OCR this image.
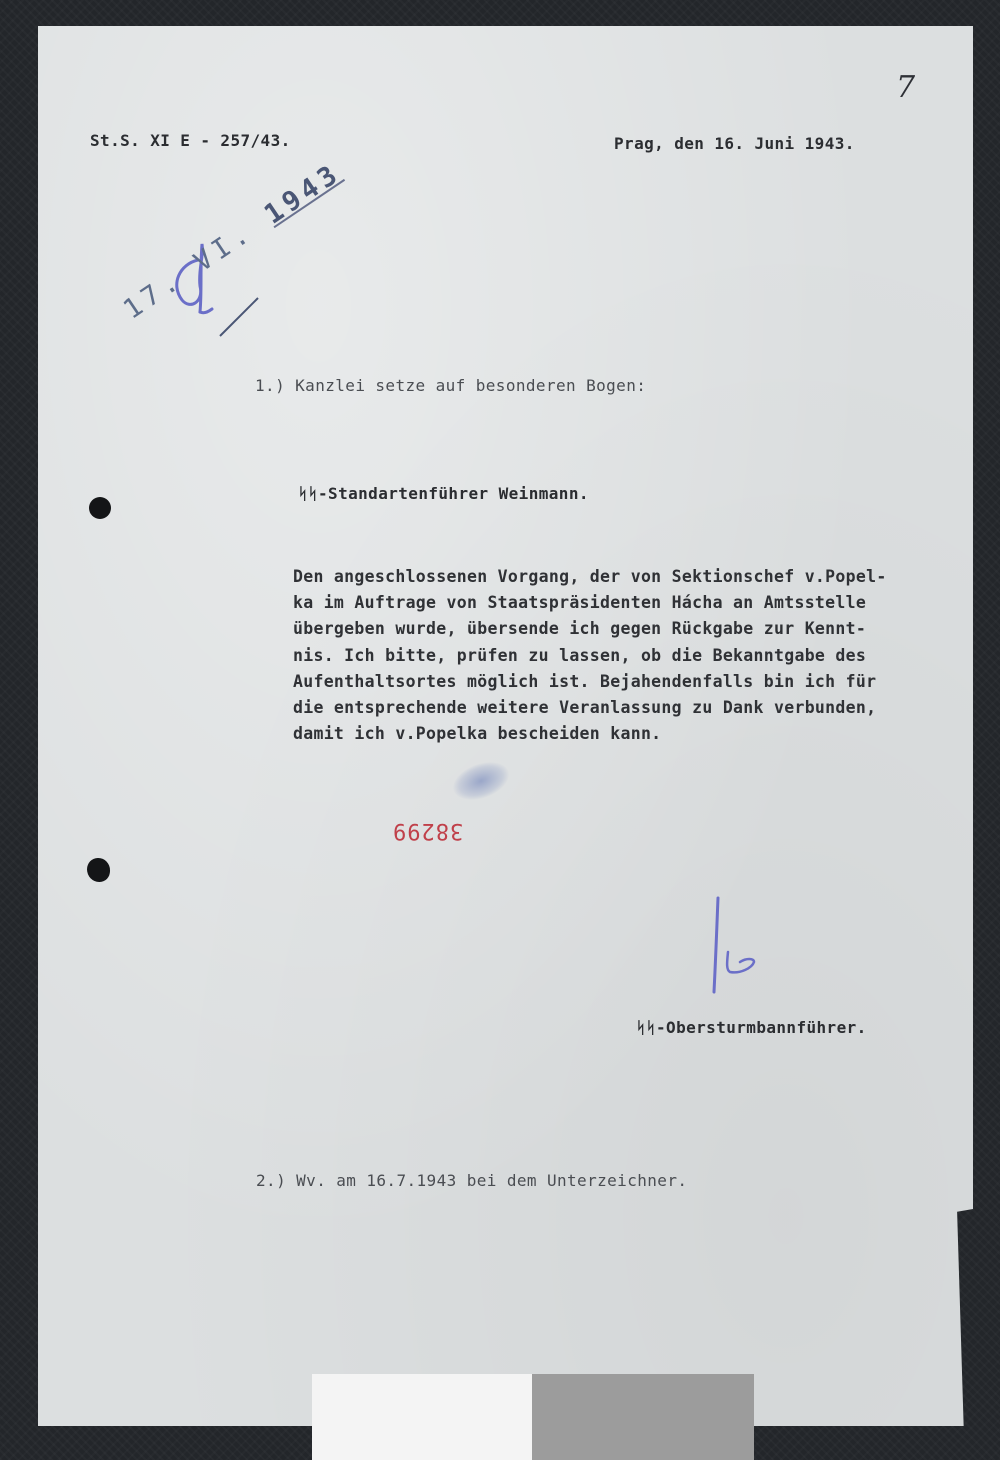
7

St.S. XI E - 257/43.	Prag, den 16. Juni 1943.

17. VI. 1943

1.) Kanzlei setze auf besonderen Bogen:

ᛋᛋ-Standartenführer Weinmann.

Den angeschlossenen Vorgang, der von Sektionschef v.Popel-
ka im Auftrage von Staatspräsidenten Hácha an Amtsstelle
übergeben wurde, übersende ich gegen Rückgabe zur Kennt-
nis. Ich bitte, prüfen zu lassen, ob die Bekanntgabe des
Aufenthaltsortes möglich ist. Bejahendenfalls bin ich für
die entsprechende weitere Veranlassung zu Dank verbunden,
damit ich v.Popelka bescheiden kann.

38299

ᛋᛋ-Obersturmbannführer.

2.) Wv. am 16.7.1943 bei dem Unterzeichner.
